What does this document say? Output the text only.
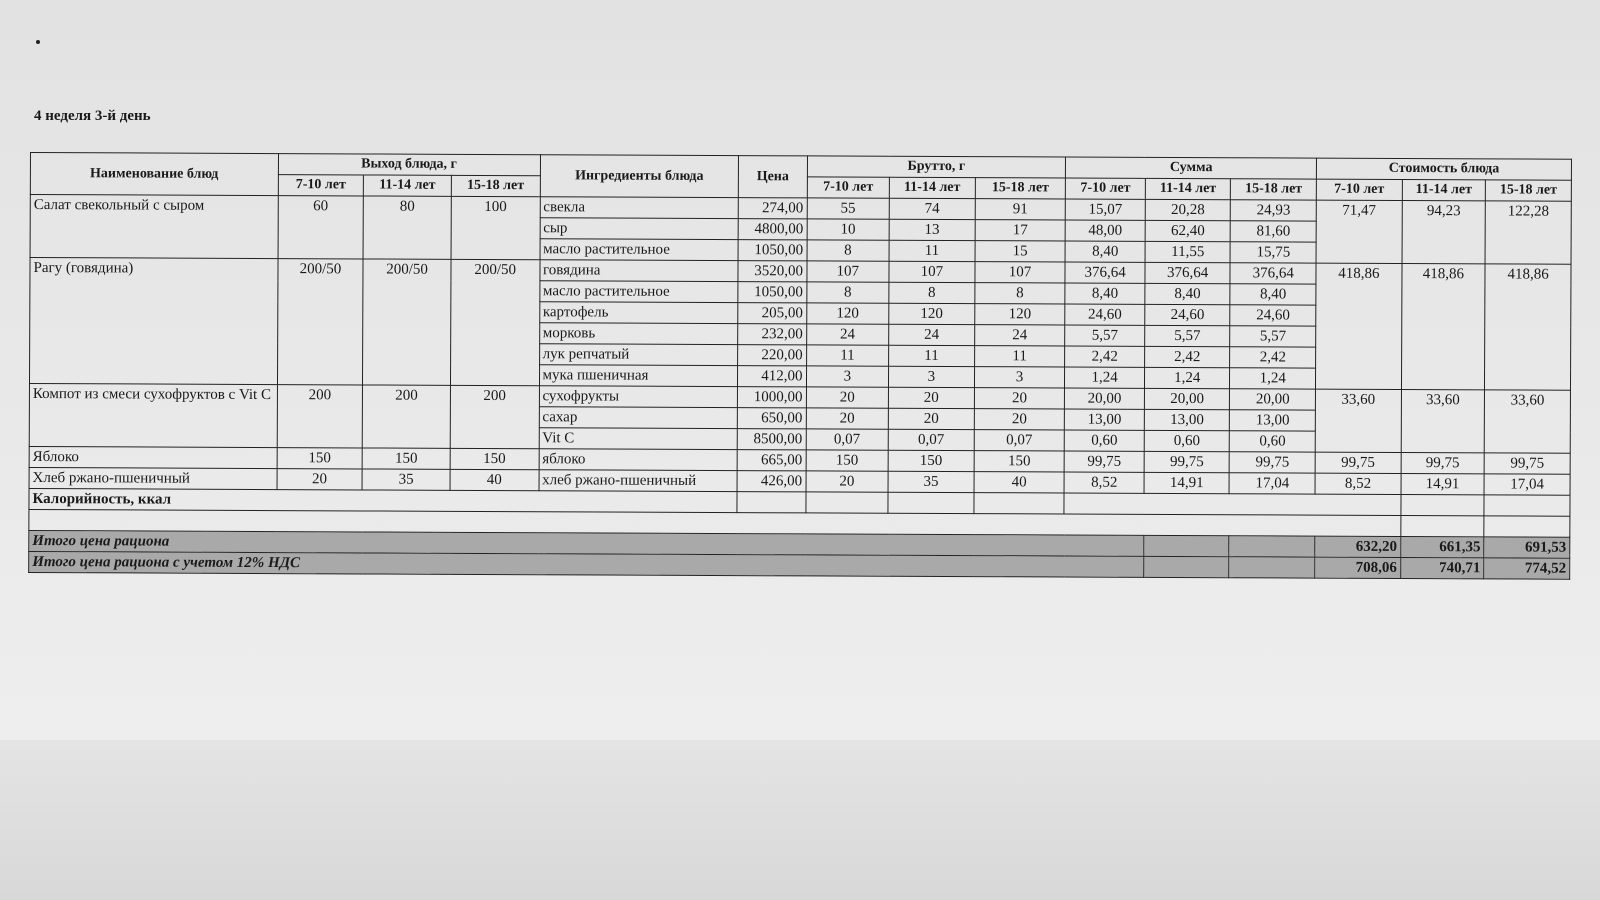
4 неделя 3-й день
Наименование блюд	Выход блюда, г			Ингредиенты блюда	Цена	Брутто, г			Сумма			Стоимость блюда		
	7-10 лет	11-14 лет	15-18 лет			7-10 лет	11-14 лет	15-18 лет	7-10 лет	11-14 лет	15-18 лет	7-10 лет	11-14 лет	15-18 лет
Салат свекольный с сыром	60	80	100	свекла	274,00	55	74	91	15,07	20,28	24,93	71,47	94,23	122,28
				сыр	4800,00	10	13	17	48,00	62,40	81,60			
				масло растительное	1050,00	8	11	15	8,40	11,55	15,75			
Рагу (говядина)	200/50	200/50	200/50	говядина	3520,00	107	107	107	376,64	376,64	376,64	418,86	418,86	418,86
				масло растительное	1050,00	8	8	8	8,40	8,40	8,40			
				картофель	205,00	120	120	120	24,60	24,60	24,60			
				морковь	232,00	24	24	24	5,57	5,57	5,57			
				лук репчатый	220,00	11	11	11	2,42	2,42	2,42			
				мука пшеничная	412,00	3	3	3	1,24	1,24	1,24			
Компот из смеси сухофруктов с Vit C	200	200	200	сухофрукты	1000,00	20	20	20	20,00	20,00	20,00	33,60	33,60	33,60
				сахар	650,00	20	20	20	13,00	13,00	13,00			
				Vit C	8500,00	0,07	0,07	0,07	0,60	0,60	0,60			
Яблоко	150	150	150	яблоко	665,00	150	150	150	99,75	99,75	99,75	99,75	99,75	99,75
Хлеб ржано-пшеничный	20	35	40	хлеб ржано-пшеничный	426,00	20	35	40	8,52	14,91	17,04	8,52	14,91	17,04
Калорийность, ккал														

Итого цена рациона												632,20	661,35	691,53
Итого цена рациона с учетом 12% НДС												708,06	740,71	774,52
